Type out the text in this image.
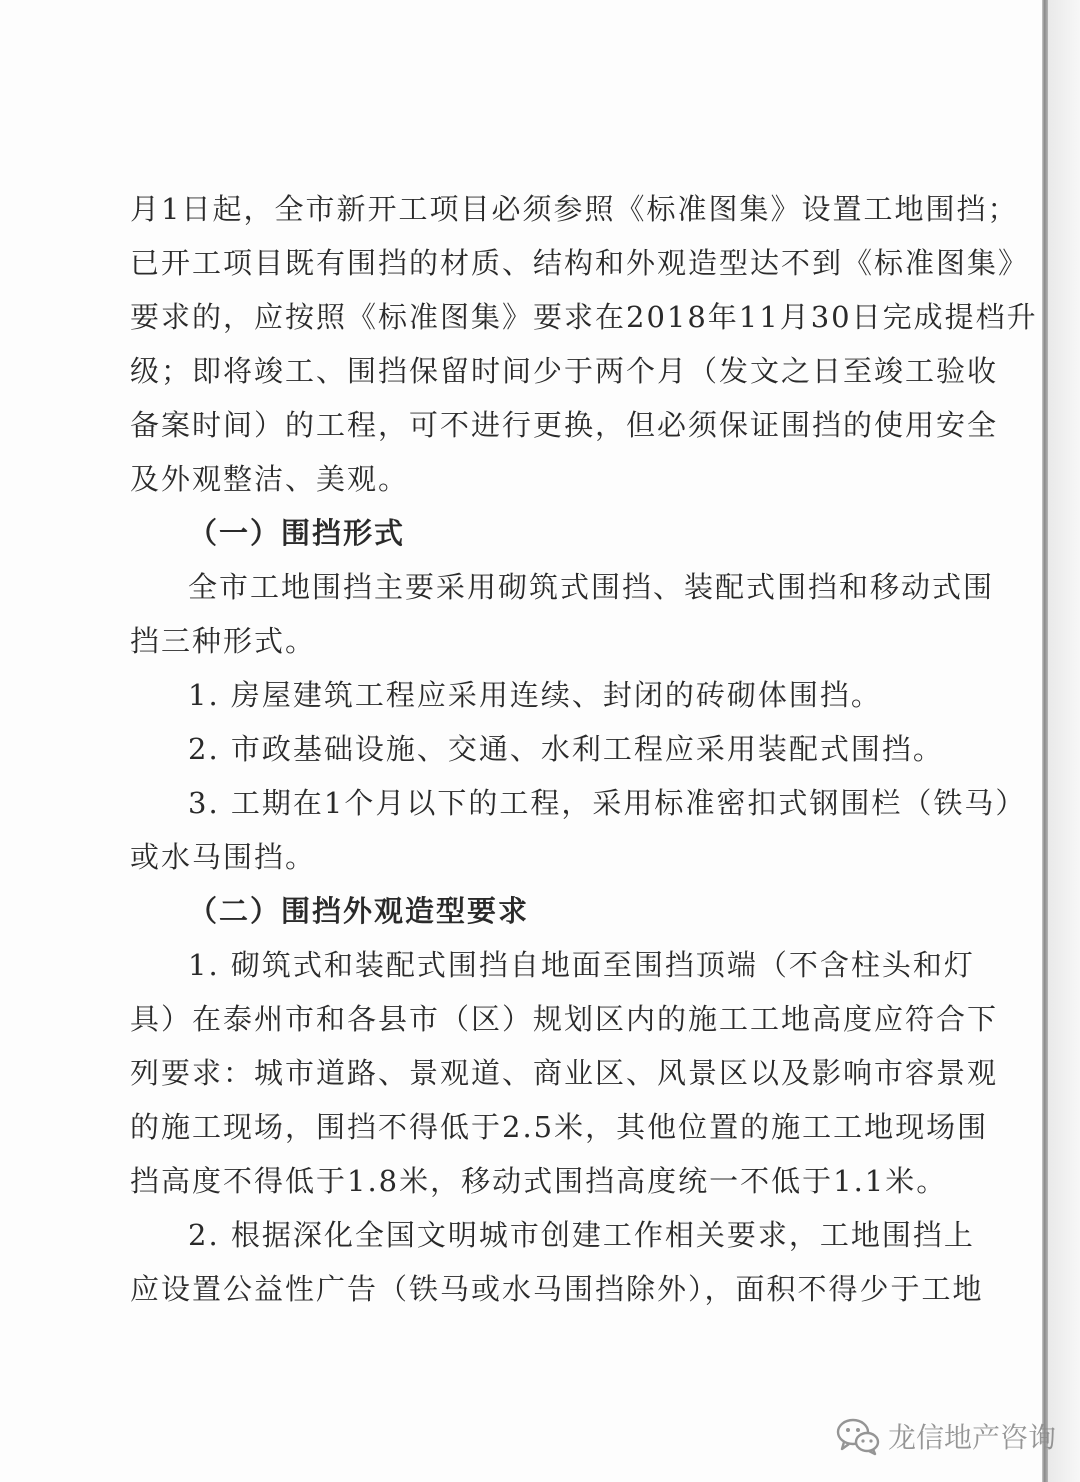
月1日起，全市新开工项目必须参照《标准图集》设置工地围挡；
已开工项目既有围挡的材质、结构和外观造型达不到《标准图集》
要求的，应按照《标准图集》要求在2018年11月30日完成提档升
级；即将竣工、围挡保留时间少于两个月（发文之日至竣工验收
备案时间）的工程，可不进行更换，但必须保证围挡的使用安全
及外观整洁、美观。
（一）围挡形式
全市工地围挡主要采用砌筑式围挡、装配式围挡和移动式围
挡三种形式。
1. 房屋建筑工程应采用连续、封闭的砖砌体围挡。
2. 市政基础设施、交通、水利工程应采用装配式围挡。
3. 工期在1个月以下的工程，采用标准密扣式钢围栏（铁马）
或水马围挡。
（二）围挡外观造型要求
1. 砌筑式和装配式围挡自地面至围挡顶端（不含柱头和灯
具）在泰州市和各县市（区）规划区内的施工工地高度应符合下
列要求：城市道路、景观道、商业区、风景区以及影响市容景观
的施工现场，围挡不得低于2.5米，其他位置的施工工地现场围
挡高度不得低于1.8米，移动式围挡高度统一不低于1.1米。
2. 根据深化全国文明城市创建工作相关要求，工地围挡上
应设置公益性广告（铁马或水马围挡除外），面积不得少于工地
龙信地产咨询
